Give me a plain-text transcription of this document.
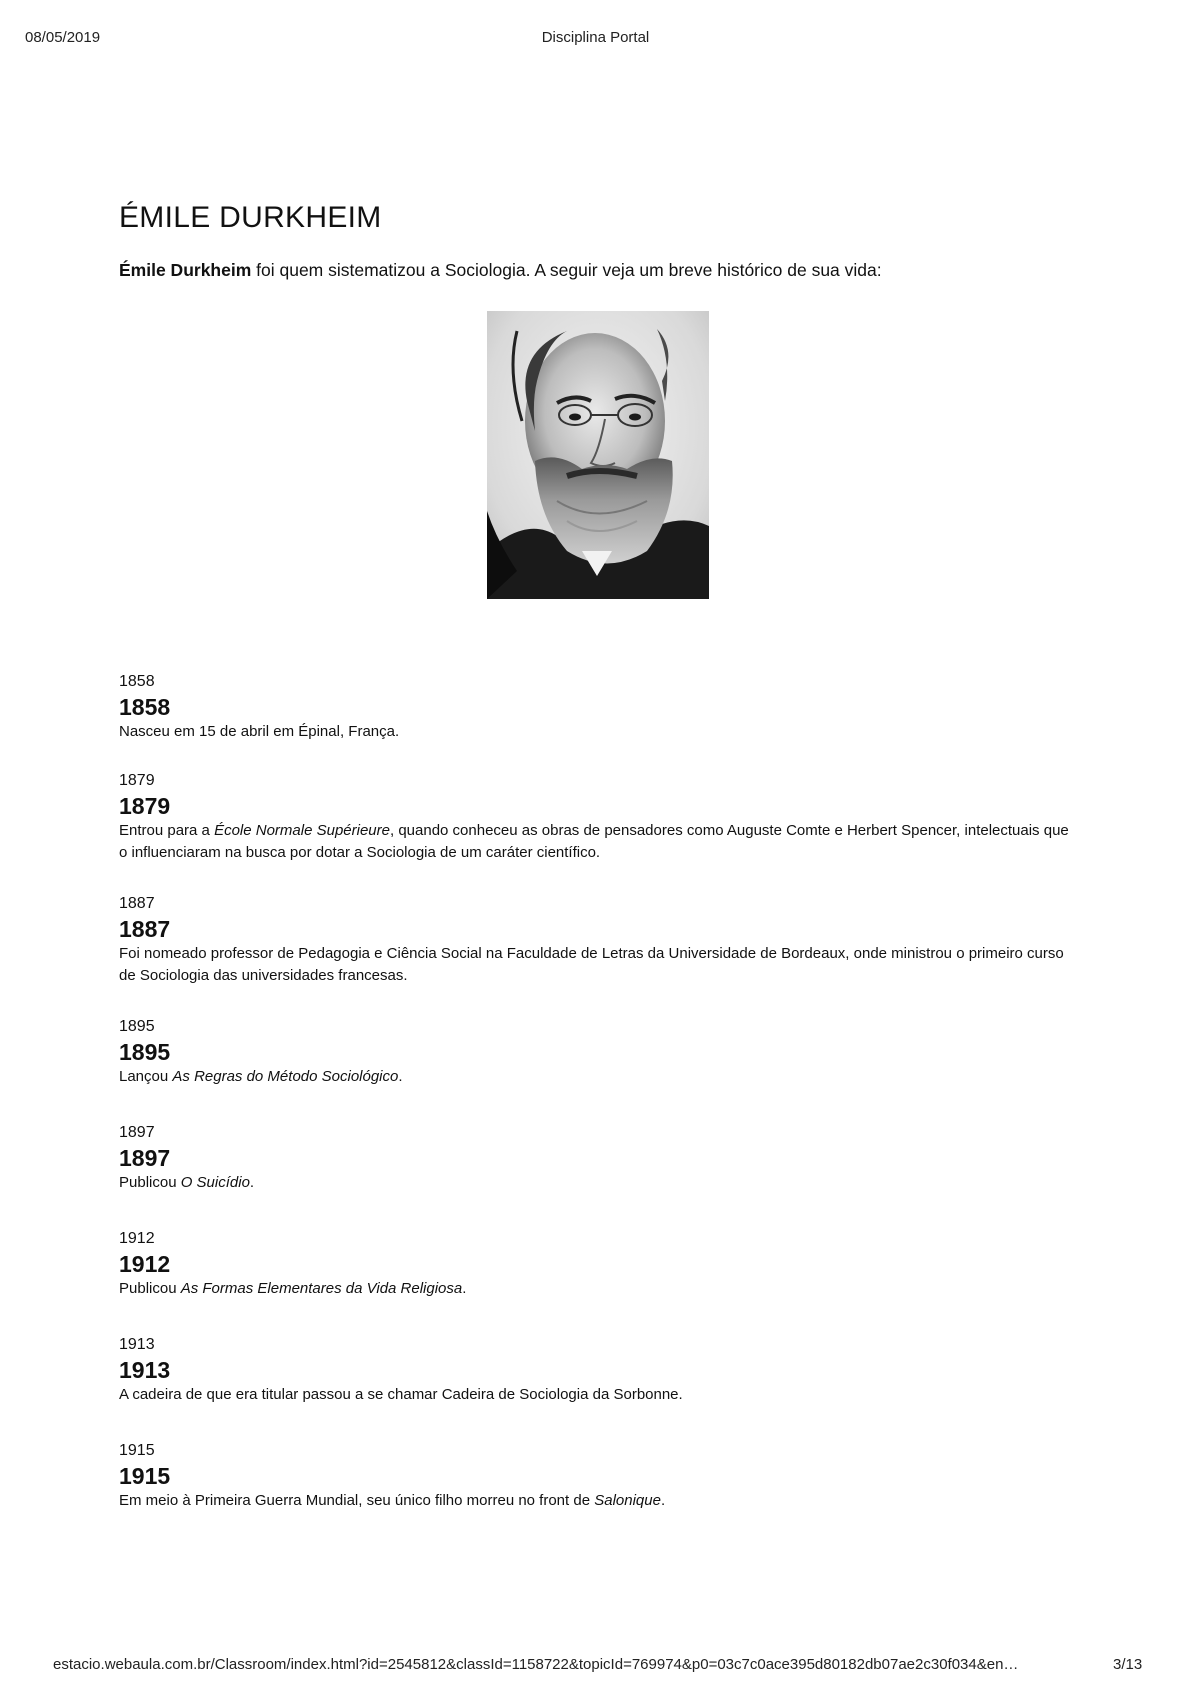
08/05/2019	Disciplina Portal
ÉMILE DURKHEIM

Émile Durkheim foi quem sistematizou a Sociologia. A seguir veja um breve histórico de sua vida:

1858
1858
Nasceu em 15 de abril em Épinal, França.
1879
1879
Entrou para a École Normale Supérieure, quando conheceu as obras de pensadores como Auguste Comte e Herbert Spencer, intelectuais que o influenciaram na busca por dotar a Sociologia de um caráter científico.
1887
1887
Foi nomeado professor de Pedagogia e Ciência Social na Faculdade de Letras da Universidade de Bordeaux, onde ministrou o primeiro curso de Sociologia das universidades francesas.
1895
1895
Lançou As Regras do Método Sociológico.
1897
1897
Publicou O Suicídio.
1912
1912
Publicou As Formas Elementares da Vida Religiosa.
1913
1913
A cadeira de que era titular passou a se chamar Cadeira de Sociologia da Sorbonne.
1915
1915
Em meio à Primeira Guerra Mundial, seu único filho morreu no front de Salonique.
estacio.webaula.com.br/Classroom/index.html?id=2545812&classId=1158722&topicId=769974&p0=03c7c0ace395d80182db07ae2c30f034&en…	3/13
